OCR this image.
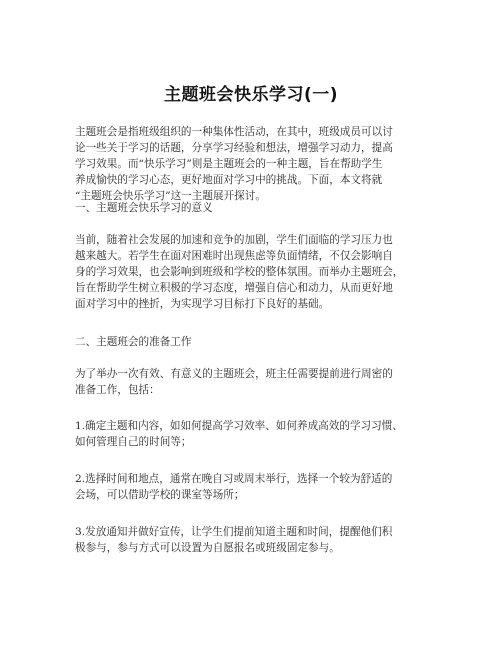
主题班会快乐学习(一)
主题班会是指班级组织的一种集体性活动，在其中，班级成员可以讨
论一些关于学习的话题，分享学习经验和想法，增强学习动力，提高
学习效果。而“快乐学习”则是主题班会的一种主题，旨在帮助学生
养成愉快的学习心态，更好地面对学习中的挑战。下面，本文将就
“主题班会快乐学习”这一主题展开探讨。
一、主题班会快乐学习的意义
当前，随着社会发展的加速和竞争的加剧，学生们面临的学习压力也
越来越大。若学生在面对困难时出现焦虑等负面情绪，不仅会影响自
身的学习效果，也会影响到班级和学校的整体氛围。而举办主题班会，
旨在帮助学生树立积极的学习态度，增强自信心和动力，从而更好地
面对学习中的挫折，为实现学习目标打下良好的基础。
二、主题班会的准备工作
为了举办一次有效、有意义的主题班会，班主任需要提前进行周密的
准备工作，包括：
1.确定主题和内容，如如何提高学习效率、如何养成高效的学习习惯、
如何管理自己的时间等；
2.选择时间和地点，通常在晚自习或周末举行，选择一个较为舒适的
会场，可以借助学校的课室等场所；
3.发放通知并做好宣传，让学生们提前知道主题和时间，提醒他们积
极参与，参与方式可以设置为自愿报名或班级固定参与。
